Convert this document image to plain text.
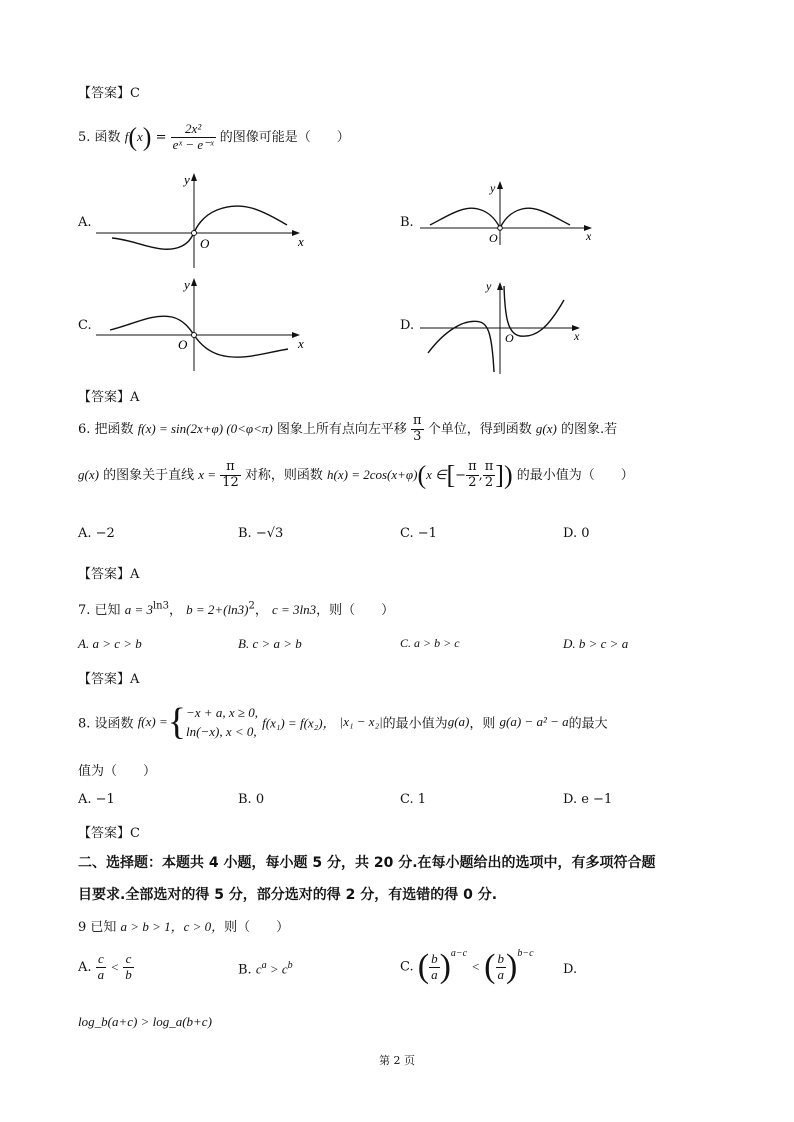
【答案】C
5. 函数 $f(x) = \frac{\text{2x²}}{\text{eˣ − e⁻ˣ}}$ 的图像可能是（　　）
A.
y
x
O
B.
y
x
O
C.
y
x
O
D.
y
x
O
【答案】A
6. 把函数 f(x) = sin(2x+φ) (0<φ<π) 图象上所有点向左平移 $\frac{\pi}{3}$ 个单位，得到函数 g(x) 的图象.若
g(x) 的图象关于直线 $x = \frac{\pi}{12}$ 对称，则函数 h(x) = 2cos(x+φ)(x ∈[− $\frac{\pi}{2}$ , $\frac{\pi}{2}$ ]) 的最小值为（　　）
A. −2	B. −√3	C. −1	D. 0
【答案】A
7. 已知 $a = 3^{ln3}$， $b = 2+(\ln 3)^2$， c = 3ln3，则（　　）
A. a > c > b	B. c > a > b	C. a > b > c	D. b > c > a
【答案】A
8. 设函数 f(x) ={ −x + a, x ≥ 0,
ln(−x), x < 0,
f(x₁) = f(x₂)， |x₁ − x₂|的最小值为g(a)，则 g(a) − a² − a的最大
值为（　　）
A. −1	B. 0	C. 1	D. e −1
【答案】C
二、选择题：本题共 4 小题，每小题 5 分，共 20 分.在每小题给出的选项中，有多项符合题
目要求.全部选对的得 5 分，部分选对的得 2 分，有选错的得 0 分.
9 已知 a > b > 1，c > 0，则（　　）
A. $\frac{c}{a} < \frac{c}{b}$	B. $c^a > c^b$	C. ( $\frac{b}{a} )^{a-c}$ < ( $\frac{b}{a} )^{b-c}$
D.
log_b(a+c) > log_a(b+c)
第 2 页
